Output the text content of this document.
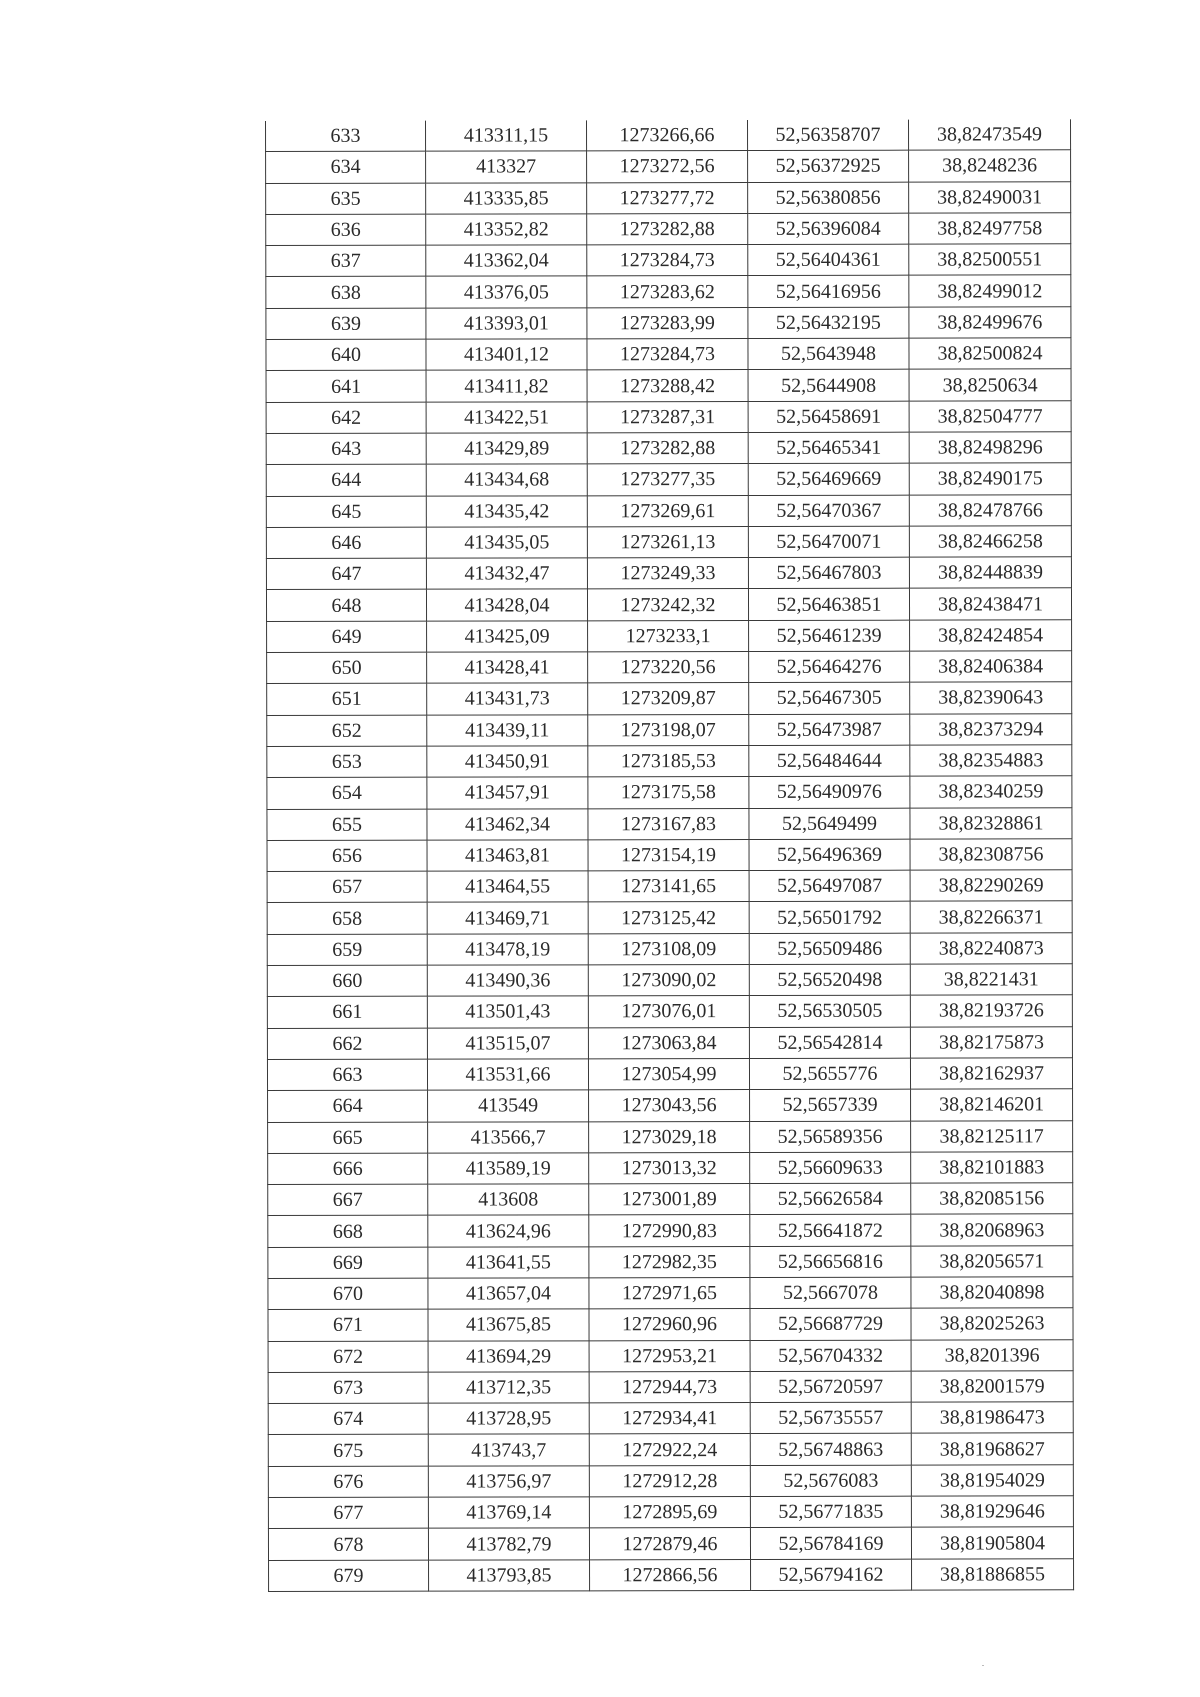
633	413311,15	1273266,66	52,56358707	38,82473549
634	413327	1273272,56	52,56372925	38,8248236
635	413335,85	1273277,72	52,56380856	38,82490031
636	413352,82	1273282,88	52,56396084	38,82497758
637	413362,04	1273284,73	52,56404361	38,82500551
638	413376,05	1273283,62	52,56416956	38,82499012
639	413393,01	1273283,99	52,56432195	38,82499676
640	413401,12	1273284,73	52,5643948	38,82500824
641	413411,82	1273288,42	52,5644908	38,8250634
642	413422,51	1273287,31	52,56458691	38,82504777
643	413429,89	1273282,88	52,56465341	38,82498296
644	413434,68	1273277,35	52,56469669	38,82490175
645	413435,42	1273269,61	52,56470367	38,82478766
646	413435,05	1273261,13	52,56470071	38,82466258
647	413432,47	1273249,33	52,56467803	38,82448839
648	413428,04	1273242,32	52,56463851	38,82438471
649	413425,09	1273233,1	52,56461239	38,82424854
650	413428,41	1273220,56	52,56464276	38,82406384
651	413431,73	1273209,87	52,56467305	38,82390643
652	413439,11	1273198,07	52,56473987	38,82373294
653	413450,91	1273185,53	52,56484644	38,82354883
654	413457,91	1273175,58	52,56490976	38,82340259
655	413462,34	1273167,83	52,5649499	38,82328861
656	413463,81	1273154,19	52,56496369	38,82308756
657	413464,55	1273141,65	52,56497087	38,82290269
658	413469,71	1273125,42	52,56501792	38,82266371
659	413478,19	1273108,09	52,56509486	38,82240873
660	413490,36	1273090,02	52,56520498	38,8221431
661	413501,43	1273076,01	52,56530505	38,82193726
662	413515,07	1273063,84	52,56542814	38,82175873
663	413531,66	1273054,99	52,5655776	38,82162937
664	413549	1273043,56	52,5657339	38,82146201
665	413566,7	1273029,18	52,56589356	38,82125117
666	413589,19	1273013,32	52,56609633	38,82101883
667	413608	1273001,89	52,56626584	38,82085156
668	413624,96	1272990,83	52,56641872	38,82068963
669	413641,55	1272982,35	52,56656816	38,82056571
670	413657,04	1272971,65	52,5667078	38,82040898
671	413675,85	1272960,96	52,56687729	38,82025263
672	413694,29	1272953,21	52,56704332	38,8201396
673	413712,35	1272944,73	52,56720597	38,82001579
674	413728,95	1272934,41	52,56735557	38,81986473
675	413743,7	1272922,24	52,56748863	38,81968627
676	413756,97	1272912,28	52,5676083	38,81954029
677	413769,14	1272895,69	52,56771835	38,81929646
678	413782,79	1272879,46	52,56784169	38,81905804
679	413793,85	1272866,56	52,56794162	38,81886855
